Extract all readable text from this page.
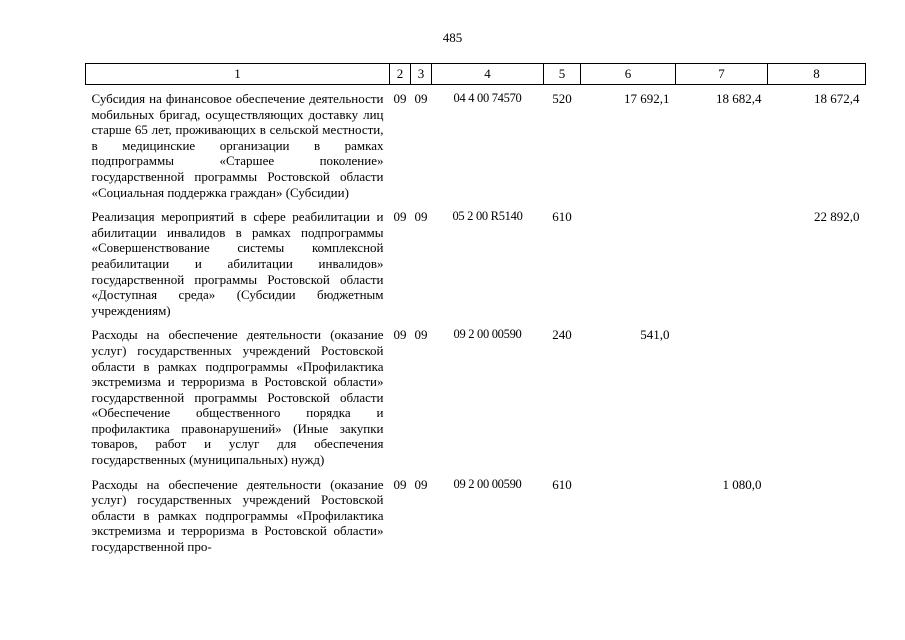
485
1	2	3	4	5	6	7	8
Субсидия на финансовое обеспечение деятельности мобильных бригад, осуществляющих доставку лиц старше 65 лет, проживающих в сельской местности, в медицинские организации в рамках подпрограммы «Старшее поколение» государственной программы Ростовской области «Социальная поддержка граждан» (Субсидии)	09	09	04 4 00 74570	520	17 692,1	18 682,4	18 672,4
Реализация мероприятий в сфере реабилитации и абилитации инвалидов в рамках подпрограммы «Совершенствование системы комплексной реабилитации и абилитации инвалидов» государственной программы Ростовской области «Доступная среда» (Субсидии бюджетным учреждениям)	09	09	05 2 00 R5140	610			22 892,0
Расходы на обеспечение деятельности (оказание услуг) государственных учреждений Ростовской области в рамках подпрограммы «Профилактика экстремизма и терроризма в Ростовской области» государственной программы Ростовской области «Обеспечение общественного порядка и профилактика правонарушений» (Иные закупки товаров, работ и услуг для обеспечения государственных (муниципальных) нужд)	09	09	09 2 00 00590	240	541,0		
Расходы на обеспечение деятельности (оказание услуг) государственных учреждений Ростовской области в рамках подпрограммы «Профилактика экстремизма и терроризма в Ростовской области» государственной про-	09	09	09 2 00 00590	610		1 080,0	
